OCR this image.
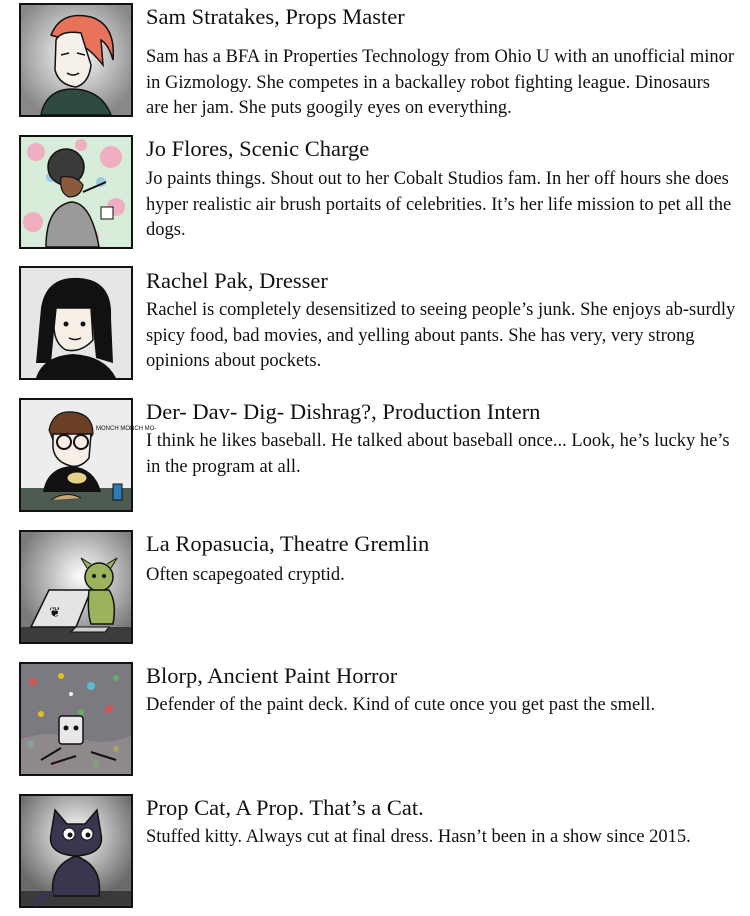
Sam Stratakes, Props Master
Sam has a BFA in Properties Technology from Ohio U with an unofficial minor in Gizmology. She competes in a backalley robot fighting league. Dinosaurs are her jam. She puts googily eyes on everything.
Jo Flores, Scenic Charge
Jo paints things. Shout out to her Cobalt Studios fam. In her off hours she does hyper realistic air brush portaits of celebrities. It’s her life mission to pet all the dogs.
Rachel Pak, Dresser
Rachel is completely desensitized to seeing people’s junk. She enjoys ab-surdly spicy food, bad movies, and yelling about pants. She has very, very strong opinions about pockets.
MONCH MONCH MO-
Der- Dav- Dig- Dishrag?, Production Intern
I think he likes baseball. He talked about baseball once... Look, he’s lucky he’s in the program at all.
❦
La Ropasucia, Theatre Gremlin
Often scapegoated cryptid.
Blorp, Ancient Paint Horror
Defender of the paint deck. Kind of cute once you get past the smell.
Prop Cat, A Prop. That’s a Cat.
Stuffed kitty. Always cut at final dress. Hasn’t been in a show since 2015.
